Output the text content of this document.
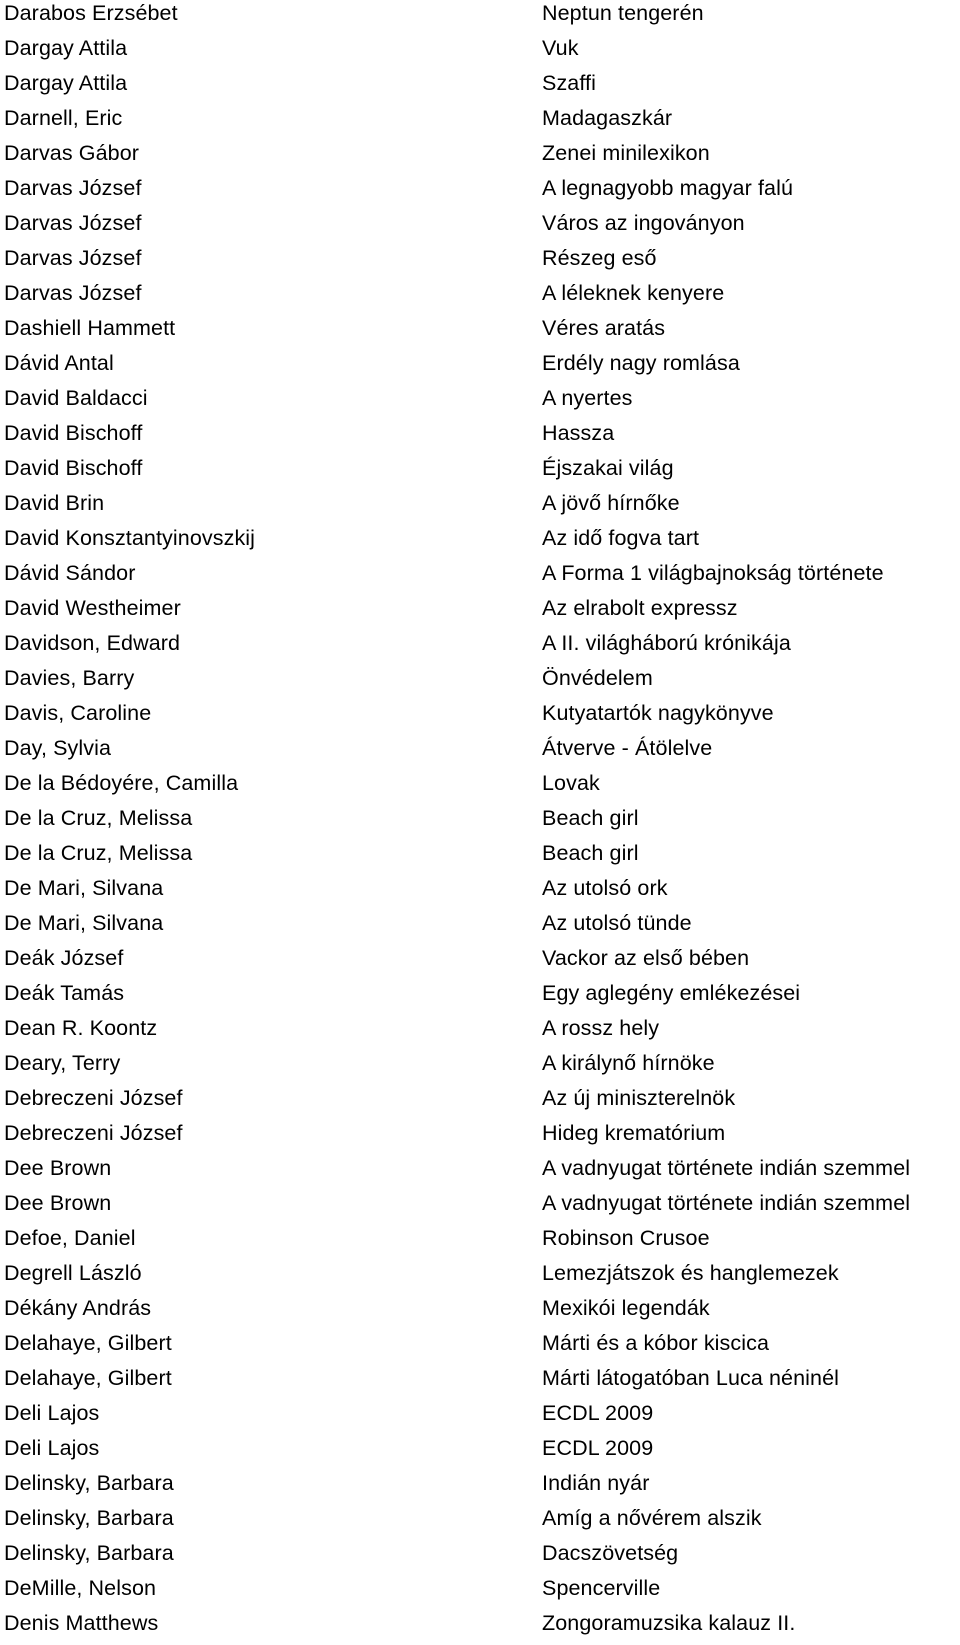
Darabos Erzsébet	Neptun tengerén
Dargay Attila	Vuk
Dargay Attila	Szaffi
Darnell, Eric	Madagaszkár
Darvas Gábor	Zenei minilexikon
Darvas József	A legnagyobb magyar falú
Darvas József	Város az ingoványon
Darvas József	Részeg eső
Darvas József	A léleknek kenyere
Dashiell Hammett	Véres aratás
Dávid Antal	Erdély nagy romlása
David Baldacci	A nyertes
David Bischoff	Hassza
David Bischoff	Éjszakai világ
David Brin	A jövő hírnőke
David Konsztantyinovszkij	Az idő fogva tart
Dávid Sándor	A Forma 1 világbajnokság története
David Westheimer	Az elrabolt expressz
Davidson, Edward	A II. világháború krónikája
Davies, Barry	Önvédelem
Davis, Caroline	Kutyatartók nagykönyve
Day, Sylvia	Átverve - Átölelve
De la Bédoyére, Camilla	Lovak
De la Cruz, Melissa	Beach girl
De la Cruz, Melissa	Beach girl
De Mari, Silvana	Az utolsó ork
De Mari, Silvana	Az utolsó tünde
Deák József	Vackor az első bében
Deák Tamás	Egy aglegény emlékezései
Dean R. Koontz	A rossz hely
Deary, Terry	A királynő hírnöke
Debreczeni József	Az új miniszterelnök
Debreczeni József	Hideg krematórium
Dee Brown	A vadnyugat története indián szemmel
Dee Brown	A vadnyugat története indián szemmel
Defoe, Daniel	Robinson Crusoe
Degrell László	Lemezjátszok és hanglemezek
Dékány András	Mexikói legendák
Delahaye, Gilbert	Márti és a kóbor kiscica
Delahaye, Gilbert	Márti látogatóban Luca néninél
Deli Lajos	ECDL 2009
Deli Lajos	ECDL 2009
Delinsky, Barbara	Indián nyár
Delinsky, Barbara	Amíg a nővérem alszik
Delinsky, Barbara	Dacszövetség
DeMille, Nelson	Spencerville
Denis Matthews	Zongoramuzsika kalauz II.
